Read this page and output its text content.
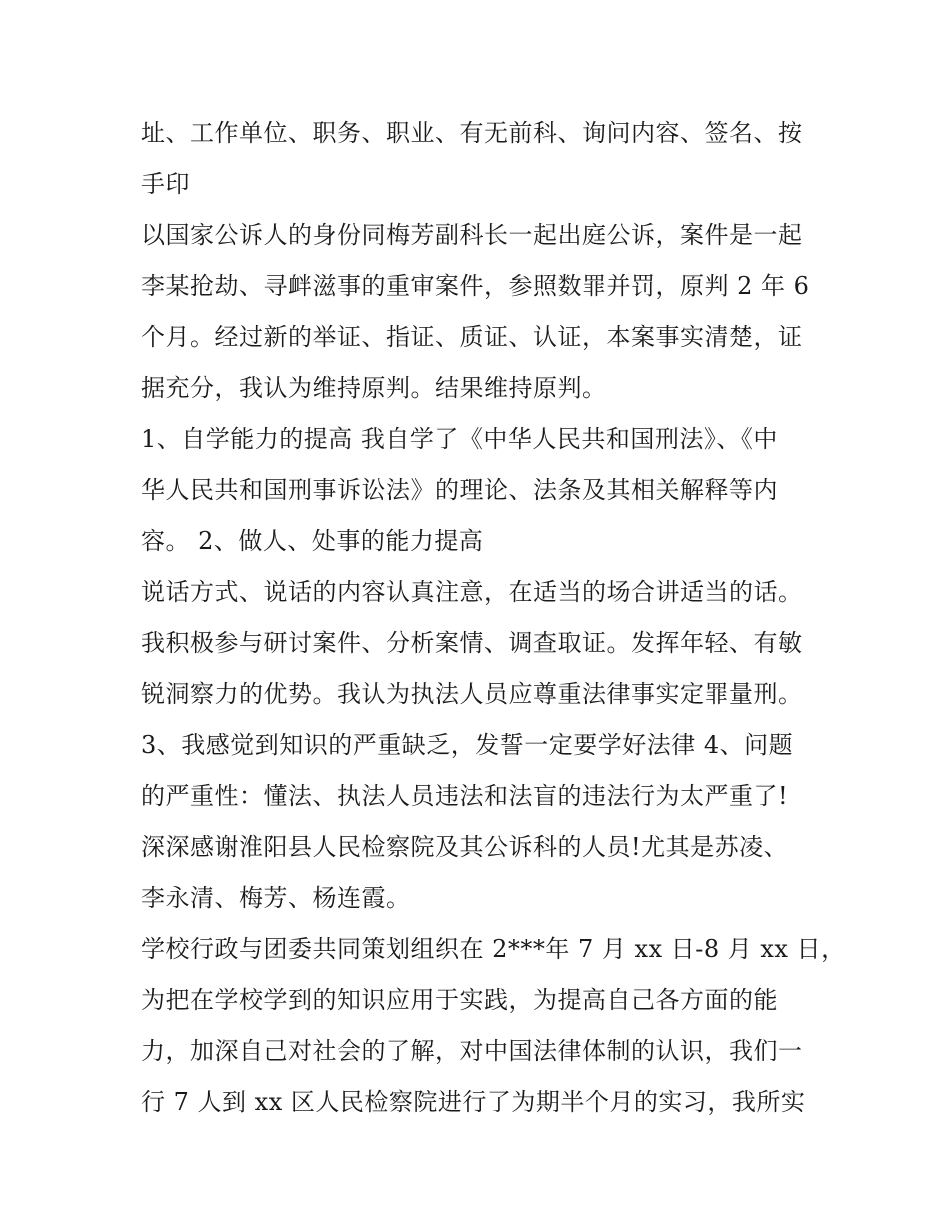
址、工作单位、职务、职业、有无前科、询问内容、签名、按
手印
以国家公诉人的身份同梅芳副科长一起出庭公诉，案件是一起
李某抢劫、寻衅滋事的重审案件，参照数罪并罚，原判 2 年 6
个月。经过新的举证、指证、质证、认证，本案事实清楚，证
据充分，我认为维持原判。结果维持原判。
1、自学能力的提高 我自学了《中华人民共和国刑法》、《中
华人民共和国刑事诉讼法》的理论、法条及其相关解释等内
容。 2、做人、处事的能力提高
说话方式、说话的内容认真注意，在适当的场合讲适当的话。
我积极参与研讨案件、分析案情、调查取证。发挥年轻、有敏
锐洞察力的优势。我认为执法人员应尊重法律事实定罪量刑。
3、我感觉到知识的严重缺乏，发誓一定要学好法律 4、问题
的严重性：懂法、执法人员违法和法盲的违法行为太严重了!
深深感谢淮阳县人民检察院及其公诉科的人员!尤其是苏凌、
李永清、梅芳、杨连霞。
学校行政与团委共同策划组织在 2***年 7 月 xx 日-8 月 xx 日，
为把在学校学到的知识应用于实践，为提高自己各方面的能
力，加深自己对社会的了解，对中国法律体制的认识，我们一
行 7 人到 xx 区人民检察院进行了为期半个月的实习，我所实
